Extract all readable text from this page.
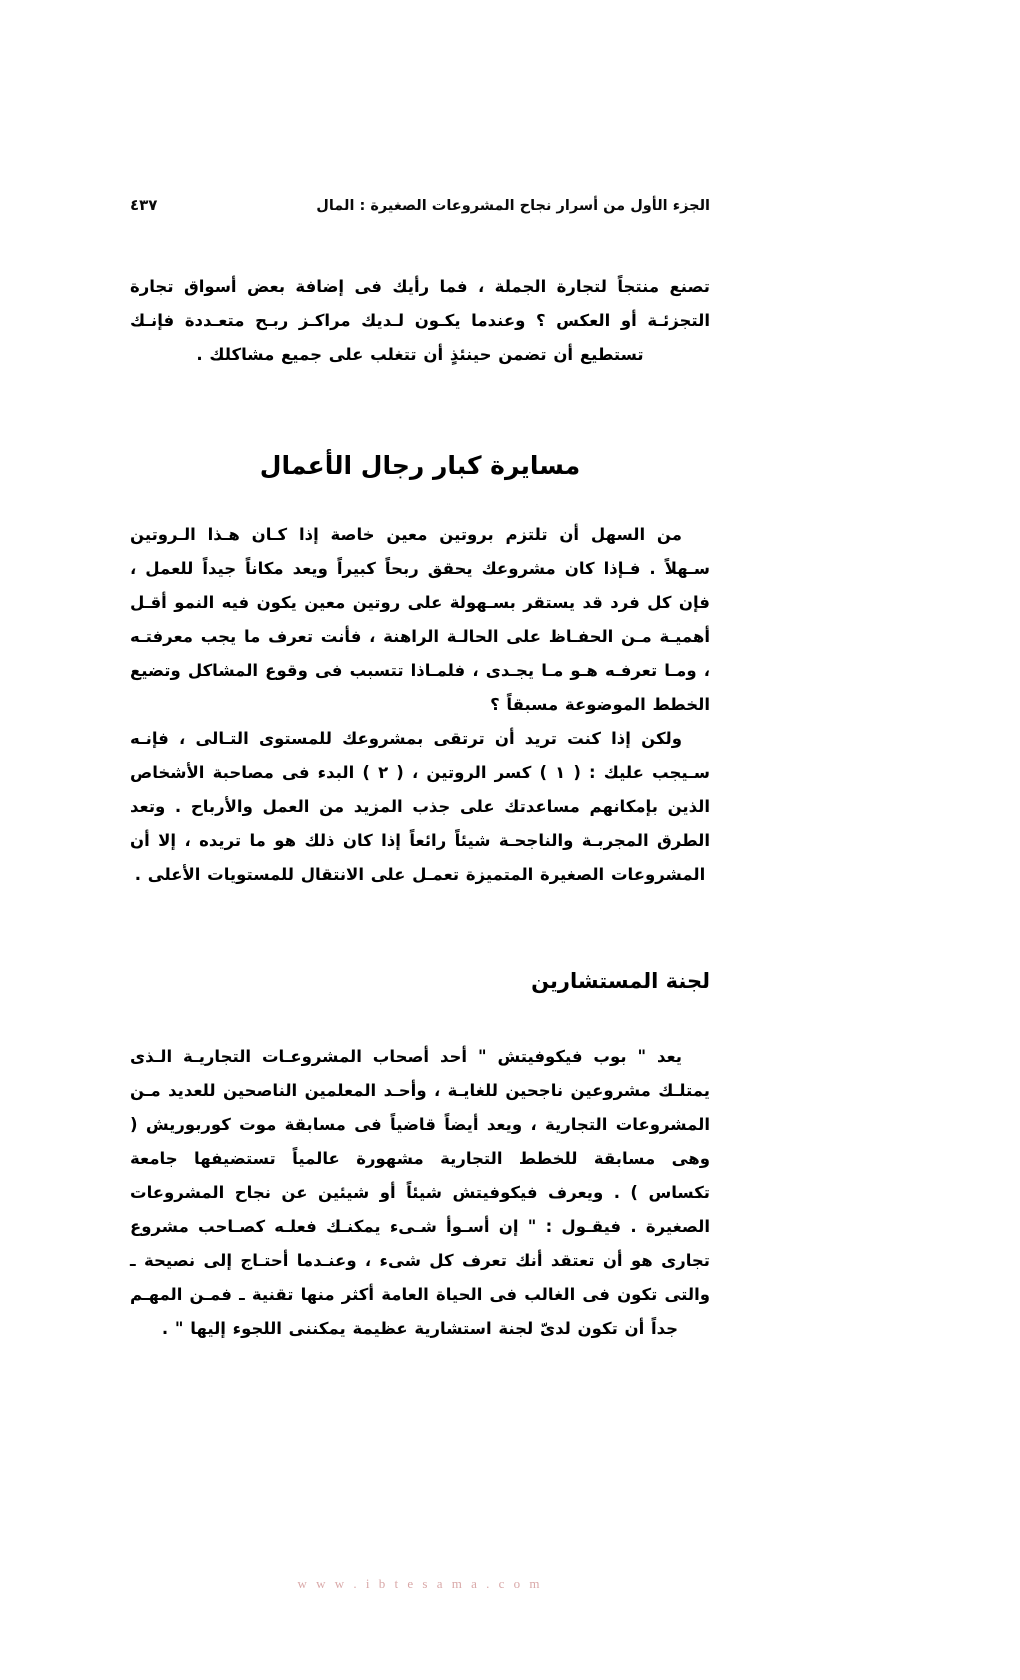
الجزء الأول من أسرار نجاح المشروعات الصغيرة : المال
٤٣٧
تصنع منتجاً لتجارة الجملة ، فما رأيك فى إضافة بعض أسواق تجارة التجزئـة أو العكس ؟ وعندما يكـون لـديك مراكـز ربـح متعـددة فإنـك تستطيع أن تضمن حينئذٍ أن تتغلب على جميع مشاكلك .
مسايرة كبار رجال الأعمال
من السهل أن تلتزم بروتين معين خاصة إذا كـان هـذا الـروتين سـهلاً . فـإذا كان مشروعك يحقق ربحاً كبيراً ويعد مكاناً جيداً للعمل ، فإن كل فرد قد يستقر بسـهولة على روتين معين يكون فيه النمو أقـل أهميـة مـن الحفـاظ على الحالـة الراهنة ، فأنت تعرف ما يجب معرفتـه ، ومـا تعرفـه هـو مـا يجـدى ، فلمـاذا تتسبب فى وقوع المشاكل وتضيع الخطط الموضوعة مسبقاً ؟
ولكن إذا كنت تريد أن ترتقى بمشروعك للمستوى التـالى ، فإنـه سـيجب عليك : ( ١ ) كسر الروتين ، ( ٢ ) البدء فى مصاحبة الأشخاص الذين بإمكانهم مساعدتك على جذب المزيد من العمل والأرباح . وتعد الطرق المجربـة والناجحـة شيئاً رائعاً إذا كان ذلك هو ما تريده ، إلا أن المشروعات الصغيرة المتميزة تعمـل على الانتقال للمستويات الأعلى .
لجنة المستشارين
يعد " بوب فيكوفيتش " أحد أصحاب المشروعـات التجاريـة الـذى يمتلـك مشروعين ناجحين للغايـة ، وأحـد المعلمين الناصحين للعديد مـن المشروعات التجارية ، ويعد أيضاً قاضياً فى مسابقة موت كوربوريش ( وهى مسابقة للخطط التجارية مشهورة عالمياً تستضيفها جامعة تكساس ) . ويعرف فيكوفيتش شيئاً أو شيئين عن نجاح المشروعات الصغيرة . فيقـول : " إن أسـوأ شـىء يمكنـك فعلـه كصـاحب مشروع تجارى هو أن تعتقد أنك تعرف كل شىء ، وعنـدما أحتـاج إلى نصيحة ـ والتى تكون فى الغالب فى الحياة العامة أكثر منها تقنية ـ فمـن المهـم جداً أن تكون لدىّ لجنة استشارية عظيمة يمكننى اللجوء إليها " .
w w w . i b t e s a m a . c o m
